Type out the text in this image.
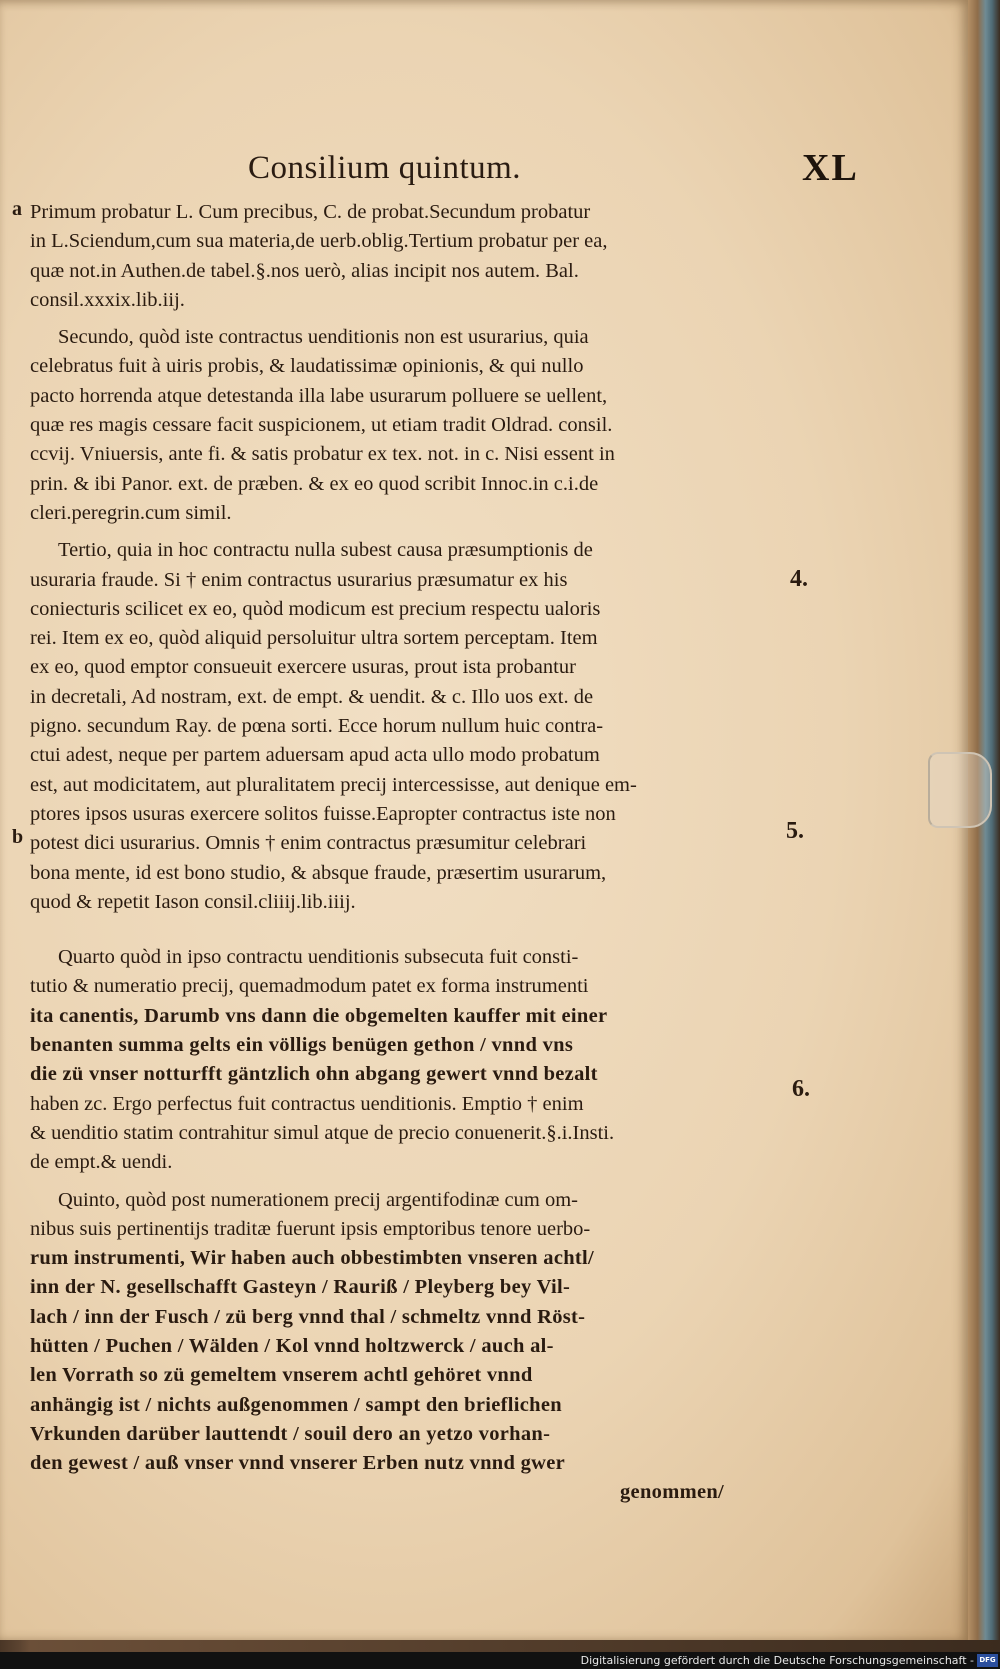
Consilium quintum.	XL
Primum probatur L. Cum precibus, C. de probat.Secundum probatur
in L.Sciendum,cum sua materia,de uerb.oblig.Tertium probatur per ea,
quæ not.in Authen.de tabel.§.nos uerò, alias incipit nos autem. Bal.
consil.xxxix.lib.iij.
Secundo, quòd iste contractus uenditionis non est usurarius, quia
celebratus fuit à uiris probis, & laudatissimæ opinionis, & qui nullo
pacto horrenda atque detestanda illa labe usurarum polluere se uellent,
quæ res magis cessare facit suspicionem, ut etiam tradit Oldrad. consil.
ccvij. Vniuersis, ante fi. & satis probatur ex tex. not. in c. Nisi essent in
prin. & ibi Panor. ext. de præben. & ex eo quod scribit Innoc.in c.i.de
cleri.peregrin.cum simil.
Tertio, quia in hoc contractu nulla subest causa præsumptionis de
usuraria fraude. Si † enim contractus usurarius præsumatur ex his
coniecturis scilicet ex eo, quòd modicum est precium respectu ualoris
rei. Item ex eo, quòd aliquid persoluitur ultra sortem perceptam. Item
ex eo, quod emptor consueuit exercere usuras, prout ista probantur
in decretali, Ad nostram, ext. de empt. & uendit. & c. Illo uos ext. de
pigno. secundum Ray. de pœna sorti. Ecce horum nullum huic contra-
ctui adest, neque per partem aduersam apud acta ullo modo probatum
est, aut modicitatem, aut pluralitatem precij intercessisse, aut denique em-
ptores ipsos usuras exercere solitos fuisse.Eapropter contractus iste non
potest dici usurarius. Omnis † enim contractus præsumitur celebrari
bona mente, id est bono studio, & absque fraude, præsertim usurarum,
quod & repetit Iason consil.cliiij.lib.iiij.
Quarto quòd in ipso contractu uenditionis subsecuta fuit consti-
tutio & numeratio precij, quemadmodum patet ex forma instrumenti
ita canentis, Darumb vns dann die obgemelten kauffer mit einer
benanten summa gelts ein völligs benügen gethon / vnnd vns
die zü vnser notturfft gäntzlich ohn abgang gewert vnnd bezalt
haben zc. Ergo perfectus fuit contractus uenditionis. Emptio † enim
& uenditio statim contrahitur simul atque de precio conuenerit.§.i.Insti.
de empt.& uendi.
Quinto, quòd post numerationem precij argentifodinæ cum om-
nibus suis pertinentijs traditæ fuerunt ipsis emptoribus tenore uerbo-
rum instrumenti, Wir haben auch obbestimbten vnseren achtl/
inn der N. gesellschafft Gasteyn / Rauriß / Pleyberg bey Vil-
lach / inn der Fusch / zü berg vnnd thal / schmeltz vnnd Röst-
hütten / Puchen / Wälden / Kol vnnd holtzwerck / auch al-
len Vorrath so zü gemeltem vnserem achtl gehöret vnnd
anhängig ist / nichts außgenommen / sampt den brieflichen
Vrkunden darüber lauttendt / souil dero an yetzo vorhan-
den gewest / auß vnser vnnd vnserer Erben nutz vnnd gwer
genommen/
a
b
4.
5.
6.
Digitalisierung gefördert durch die Deutsche Forschungsgemeinschaft - DFG
